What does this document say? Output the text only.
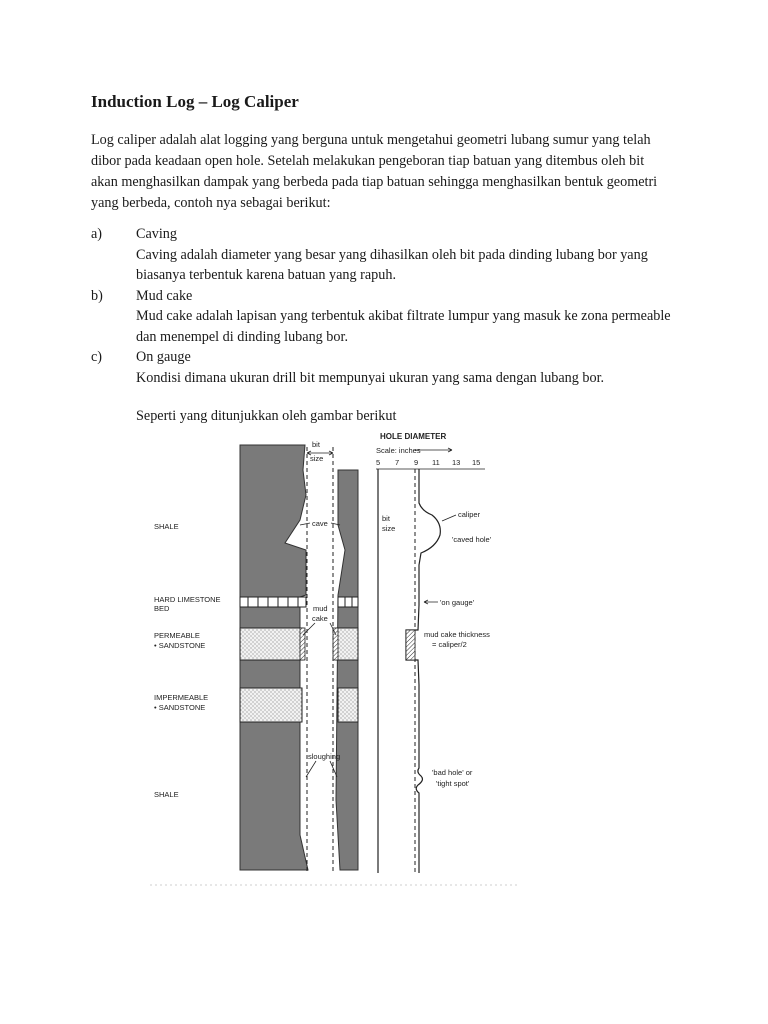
Induction Log – Log Caliper

Log caliper adalah alat logging yang berguna untuk mengetahui geometri lubang sumur yang telah dibor pada keadaan open hole. Setelah melakukan pengeboran tiap batuan yang ditembus oleh bit akan menghasilkan dampak yang berbeda pada tiap batuan sehingga menghasilkan bentuk geometri yang berbeda, contoh nya sebagai berikut:

a) Caving
Caving adalah diameter yang besar yang dihasilkan oleh bit pada dinding lubang bor yang biasanya terbentuk karena batuan yang rapuh.
b) Mud cake
Mud cake adalah lapisan yang terbentuk akibat filtrate lumpur yang masuk ke zona permeable dan menempel di dinding lubang bor.
c) On gauge
Kondisi dimana ukuran drill bit mempunyai ukuran yang sama dengan lubang bor.

Seperti yang ditunjukkan oleh gambar berikut

bit
size
cave
mud
cake
sloughing
SHALE
HARD LIMESTONE
BED
PERMEABLE
• SANDSTONE
IMPERMEABLE
• SANDSTONE
SHALE
HOLE DIAMETER
Scale: inches
5 7 9 11 13 15
bit
size
caliper
'caved hole'
'on gauge'
mud cake thickness
= caliper/2
'bad hole' or
'tight spot'
